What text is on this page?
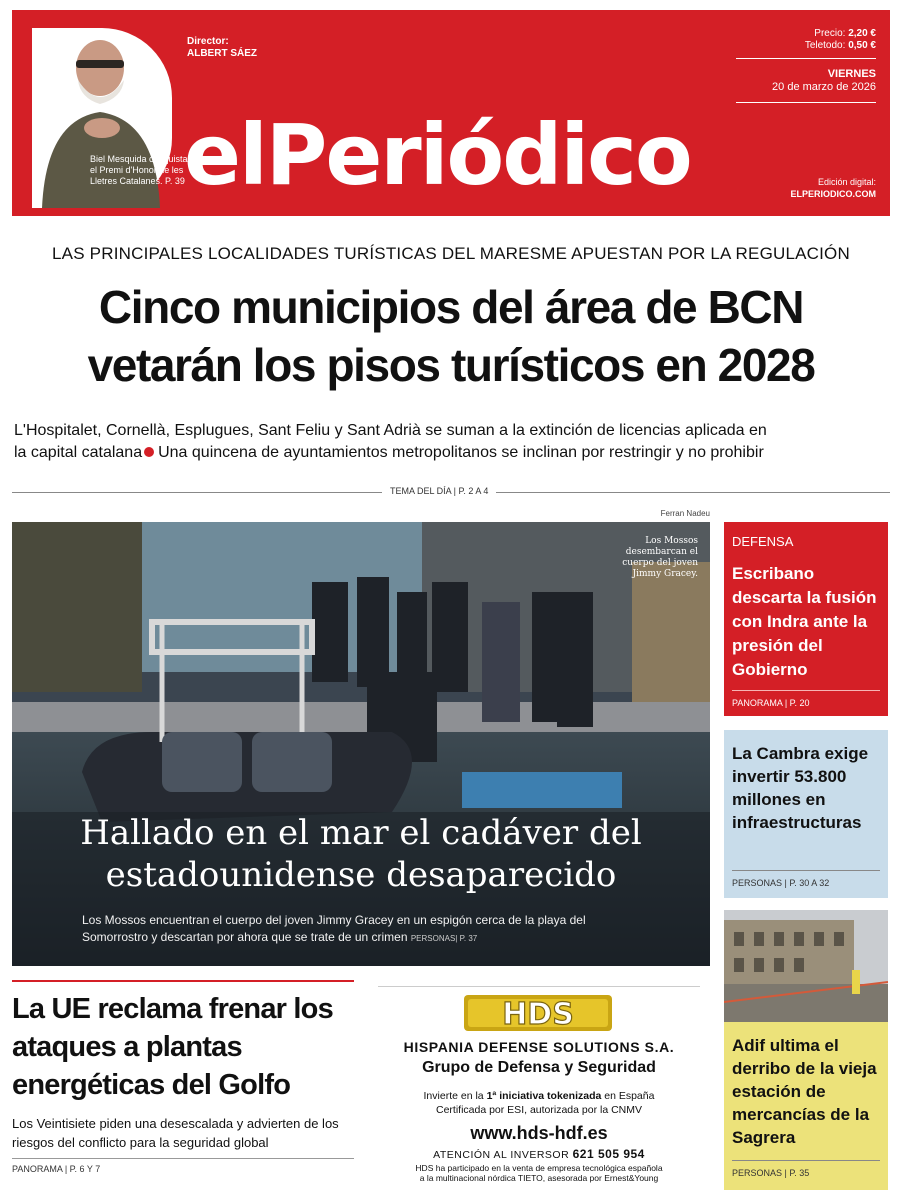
Biel Mesquida conquista el Premi d'Honor de les Lletres Catalanes. P. 39
Director:
ALBERT SÁEZ
elPeriódico
Precio: 2,20 €
Teletodo: 0,50 €
VIERNES
20 de marzo de 2026
Edición digital:
ELPERIODICO.COM
LAS PRINCIPALES LOCALIDADES TURÍSTICAS DEL MARESME APUESTAN POR LA REGULACIÓN
Cinco municipios del área de BCN
vetarán los pisos turísticos en 2028
L'Hospitalet, Cornellà, Esplugues, Sant Feliu y Sant Adrià se suman a la extinción de licencias aplicada en
la capital catalana Una quincena de ayuntamientos metropolitanos se inclinan por restringir y no prohibir
TEMA DEL DÍA | P. 2 A 4
Ferran Nadeu
Los Mossos desembarcan el cuerpo del joven Jimmy Gracey.
Hallado en el mar el cadáver del
estadounidense desaparecido
Los Mossos encuentran el cuerpo del joven Jimmy Gracey en un espigón cerca de la playa del Somorrostro y descartan por ahora que se trate de un crimen PERSONAS| P. 37
DEFENSA
Escribano descarta la fusión con Indra ante la presión del Gobierno
PANORAMA | P. 20
La Cambra exige invertir 53.800 millones en infraestructuras
PERSONAS | P. 30 A 32
Adif ultima el derribo de la vieja estación de mercancías de la Sagrera
PERSONAS | P. 35
La UE reclama frenar los ataques a plantas energéticas del Golfo
Los Veintisiete piden una desescalada y advierten de los riesgos del conflicto para la seguridad global
PANORAMA | P. 6 Y 7
HDS
HISPANIA DEFENSE SOLUTIONS S.A.
Grupo de Defensa y Seguridad
Invierte en la 1ª iniciativa tokenizada en España
Certificada por ESI, autorizada por la CNMV
www.hds-hdf.es
ATENCIÓN AL INVERSOR 621 505 954
HDS ha participado en la venta de empresa tecnológica española
a la multinacional nórdica TIETO, asesorada por Ernest&Young
